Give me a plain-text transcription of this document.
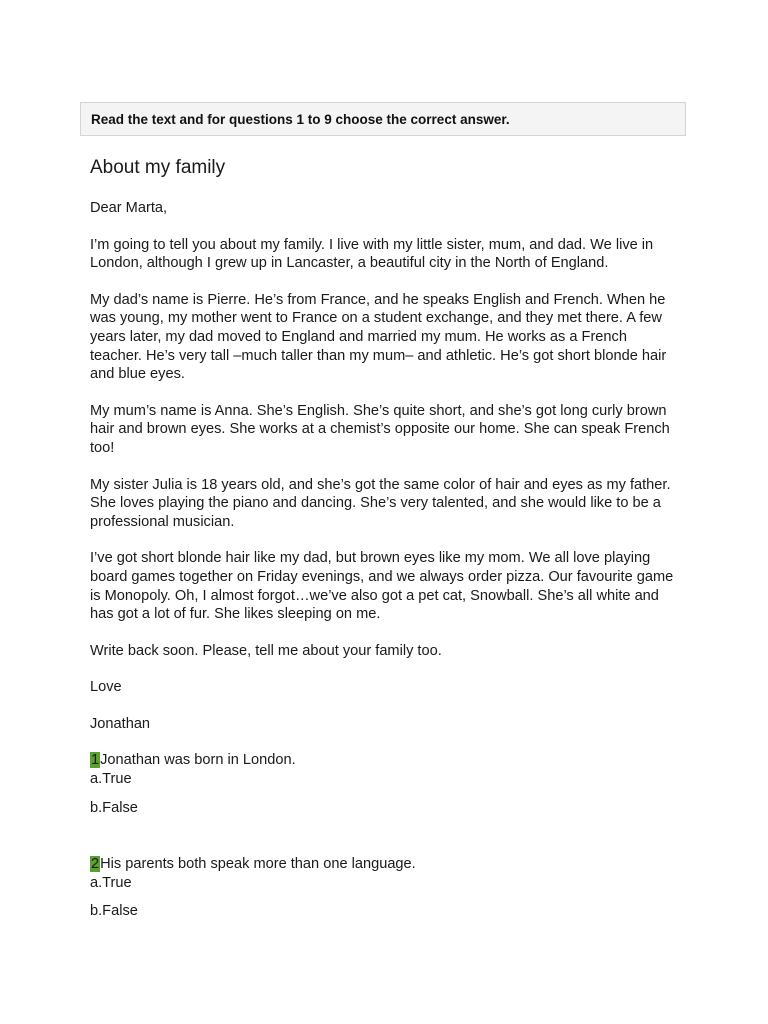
Read the text and for questions 1 to 9 choose the correct answer.
About my family

Dear Marta,

I’m going to tell you about my family. I live with my little sister, mum, and dad. We live in London, although I grew up in Lancaster, a beautiful city in the North of England.

My dad’s name is Pierre. He’s from France, and he speaks English and French. When he was young, my mother went to France on a student exchange, and they met there. A few years later, my dad moved to England and married my mum. He works as a French teacher. He’s very tall –much taller than my mum– and athletic. He’s got short blonde hair and blue eyes.

My mum’s name is Anna. She’s English. She’s quite short, and she’s got long curly brown hair and brown eyes. She works at a chemist’s opposite our home. She can speak French too!

My sister Julia is 18 years old, and she’s got the same color of hair and eyes as my father. She loves playing the piano and dancing. She’s very talented, and she would like to be a professional musician.

I’ve got short blonde hair like my dad, but brown eyes like my mom. We all love playing board games together on Friday evenings, and we always order pizza. Our favourite game is Monopoly. Oh, I almost forgot…we’ve also got a pet cat, Snowball. She’s all white and has got a lot of fur. She likes sleeping on me.

Write back soon. Please, tell me about your family too.

Love

Jonathan

1Jonathan was born in London.
a.True
b.False
2His parents both speak more than one language.
a.True
b.False
